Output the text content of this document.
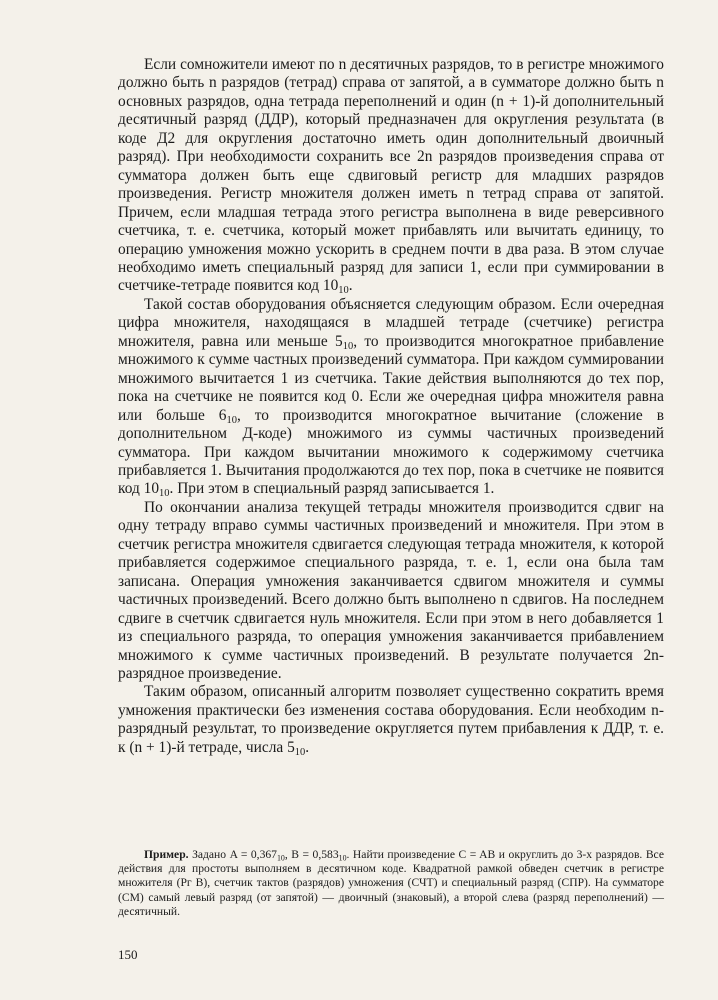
Если сомножители имеют по n десятичных разрядов, то в регистре множимого должно быть n разрядов (тетрад) справа от запятой, а в сумматоре должно быть n основных разрядов, одна тетрада переполнений и один (n + 1)-й дополнительный десятичный разряд (ДДР), который предназначен для округления результата (в коде Д2 для округления достаточно иметь один дополнительный двоичный разряд). При необходимости сохранить все 2n разрядов произведения справа от сумматора должен быть еще сдвиговый регистр для младших разрядов произведения. Регистр множителя должен иметь n тетрад справа от запятой. Причем, если младшая тетрада этого регистра выполнена в виде реверсивного счетчика, т. е. счетчика, который может прибавлять или вычитать единицу, то операцию умножения можно ускорить в среднем почти в два раза. В этом случае необходимо иметь специальный разряд для записи 1, если при суммировании в счетчике-тетраде появится код $10_{10}$.

Такой состав оборудования объясняется следующим образом. Если очередная цифра множителя, находящаяся в младшей тетраде (счетчике) регистра множителя, равна или меньше $5_{10}$, то производится многократное прибавление множимого к сумме частных произведений сумматора. При каждом суммировании множимого вычитается 1 из счетчика. Такие действия выполняются до тех пор, пока на счетчике не появится код 0. Если же очередная цифра множителя равна или больше $6_{10}$, то производится многократное вычитание (сложение в дополнительном Д-коде) множимого из суммы частичных произведений сумматора. При каждом вычитании множимого к содержимому счетчика прибавляется 1. Вычитания продолжаются до тех пор, пока в счетчике не появится код $10_{10}$. При этом в специальный разряд записывается 1.

По окончании анализа текущей тетрады множителя производится сдвиг на одну тетраду вправо суммы частичных произведений и множителя. При этом в счетчик регистра множителя сдвигается следующая тетрада множителя, к которой прибавляется содержимое специального разряда, т. е. 1, если она была там записана. Операция умножения заканчивается сдвигом множителя и суммы частичных произведений. Всего должно быть выполнено n сдвигов. На последнем сдвиге в счетчик сдвигается нуль множителя. Если при этом в него добавляется 1 из специального разряда, то операция умножения заканчивается прибавлением множимого к сумме частичных произведений. В результате получается 2n-разрядное произведение.

Таким образом, описанный алгоритм позволяет существенно сократить время умножения практически без изменения состава оборудования. Если необходим n-разрядный результат, то произведение округляется путем прибавления к ДДР, т. е. к (n + 1)-й тетраде, числа $5_{10}$.

Пример. Задано $A = 0,367_{10}$, $B = 0,583_{10}$. Найти произведение C = AB и округлить до 3-х разрядов. Все действия для простоты выполняем в десятичном коде. Квадратной рамкой обведен счетчик в регистре множителя (Рг B), счетчик тактов (разрядов) умножения (СЧТ) и специальный разряд (СПР). На сумматоре (СМ) самый левый разряд (от запятой) — двоичный (знаковый), а второй слева (разряд переполнений) — десятичный.

150
